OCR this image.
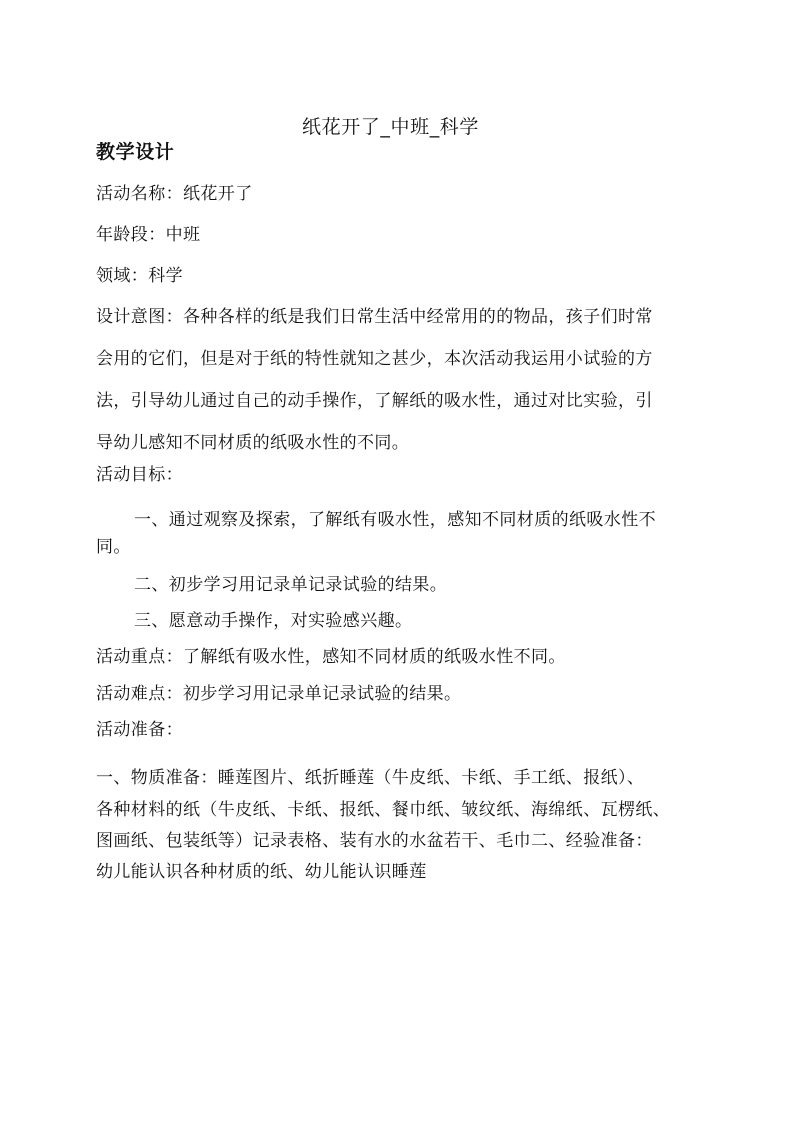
纸花开了_中班_科学
教学设计
活动名称：纸花开了
年龄段：中班
领域：科学
设计意图：各种各样的纸是我们日常生活中经常用的的物品，孩子们时常
会用的它们，但是对于纸的特性就知之甚少，本次活动我运用小试验的方
法，引导幼儿通过自己的动手操作，了解纸的吸水性，通过对比实验，引
导幼儿感知不同材质的纸吸水性的不同。
活动目标：
一、通过观察及探索，了解纸有吸水性，感知不同材质的纸吸水性不
同。
二、初步学习用记录单记录试验的结果。
三、愿意动手操作，对实验感兴趣。
活动重点：了解纸有吸水性，感知不同材质的纸吸水性不同。
活动难点：初步学习用记录单记录试验的结果。
活动准备：
一、物质准备：睡莲图片、纸折睡莲（牛皮纸、卡纸、手工纸、报纸）、
各种材料的纸（牛皮纸、卡纸、报纸、餐巾纸、皱纹纸、海绵纸、瓦楞纸、
图画纸、包装纸等）记录表格、装有水的水盆若干、毛巾二、经验准备：
幼儿能认识各种材质的纸、幼儿能认识睡莲
